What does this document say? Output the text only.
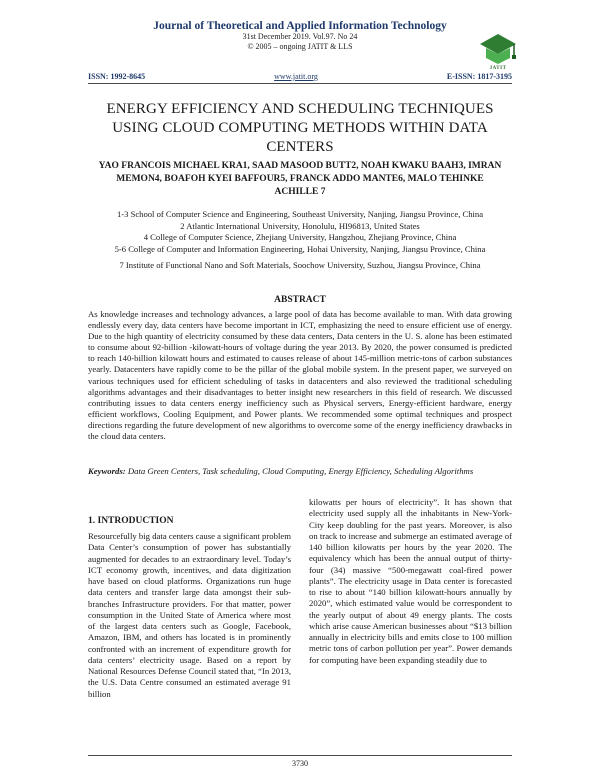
Journal of Theoretical and Applied Information Technology
31st December 2019. Vol.97. No 24
© 2005 – ongoing JATIT & LLS
JATIT
ISSN: 1992-8645	www.jatit.org	E-ISSN: 1817-3195
ENERGY EFFICIENCY AND SCHEDULING TECHNIQUES USING CLOUD COMPUTING METHODS WITHIN DATA CENTERS
YAO FRANCOIS MICHAEL KRA1, SAAD MASOOD BUTT2, NOAH KWAKU BAAH3, IMRAN
MEMON4, BOAFOH KYEI BAFFOUR5, FRANCK ADDO MANTE6, MALO TEHINKE
ACHILLE 7
1-3 School of Computer Science and Engineering, Southeast University, Nanjing, Jiangsu Province, China
2 Atlantic International University, Honolulu, HI96813, United States
4 College of Computer Science, Zhejiang University, Hangzhou, Zhejiang Province, China
5-6 College of Computer and Information Engineering, Hohai University, Nanjing, Jiangsu Province, China
7 Institute of Functional Nano and Soft Materials, Soochow University, Suzhou, Jiangsu Province, China
ABSTRACT
As knowledge increases and technology advances, a large pool of data has become available to man. With data growing endlessly every day, data centers have become important in ICT, emphasizing the need to ensure efficient use of energy. Due to the high quantity of electricity consumed by these data centers, Data centers in the U. S. alone has been estimated to consume about 92-billion -kilowatt-hours of voltage during the year 2013. By 2020, the power consumed is predicted to reach 140-billion kilowatt hours and estimated to causes release of about 145-million metric-tons of carbon substances yearly. Datacenters have rapidly come to be the pillar of the global mobile system. In the present paper, we surveyed on various techniques used for efficient scheduling of tasks in datacenters and also reviewed the traditional scheduling algorithms advantages and their disadvantages to better insight new researchers in this field of research. We discussed contributing issues to data centers energy inefficiency such as Physical servers, Energy-efficient hardware, energy efficient workflows, Cooling Equipment, and Power plants. We recommended some optimal techniques and prospect directions regarding the future development of new algorithms to overcome some of the energy inefficiency drawbacks in the cloud data centers.
Keywords: Data Green Centers, Task scheduling, Cloud Computing, Energy Efficiency, Scheduling Algorithms
1. INTRODUCTION
Resourcefully big data centers cause a significant problem Data Center’s consumption of power has substantially augmented for decades to an extraordinary level. Today’s ICT economy growth, incentives, and data digitization have based on cloud platforms. Organizations run huge data centers and transfer large data amongst their sub-branches Infrastructure providers. For that matter, power consumption in the United State of America where most of the largest data centers such as Google, Facebook, Amazon, IBM, and others has located is in prominently confronted with an increment of expenditure growth for data centers’ electricity usage. Based on a report by National Resources Defense Council stated that, “In 2013, the U.S. Data Centre consumed an estimated average 91 billion
kilowatts per hours of electricity”. It has shown that electricity used supply all the inhabitants in New-York-City keep doubling for the past years. Moreover, is also on track to increase and submerge an estimated average of 140 billion kilowatts per hours by the year 2020. The equivalency which has been the annual output of thirty-four (34) massive “500-megawatt coal-fired power plants”. The electricity usage in Data center is forecasted to rise to about “140 billion kilowatt-hours annually by 2020”, which estimated value would be correspondent to the yearly output of about 49 energy plants. The costs which arise cause American businesses about “$13 billion annually in electricity bills and emits close to 100 million metric tons of carbon pollution per year”. Power demands for computing have been expanding steadily due to
3730
